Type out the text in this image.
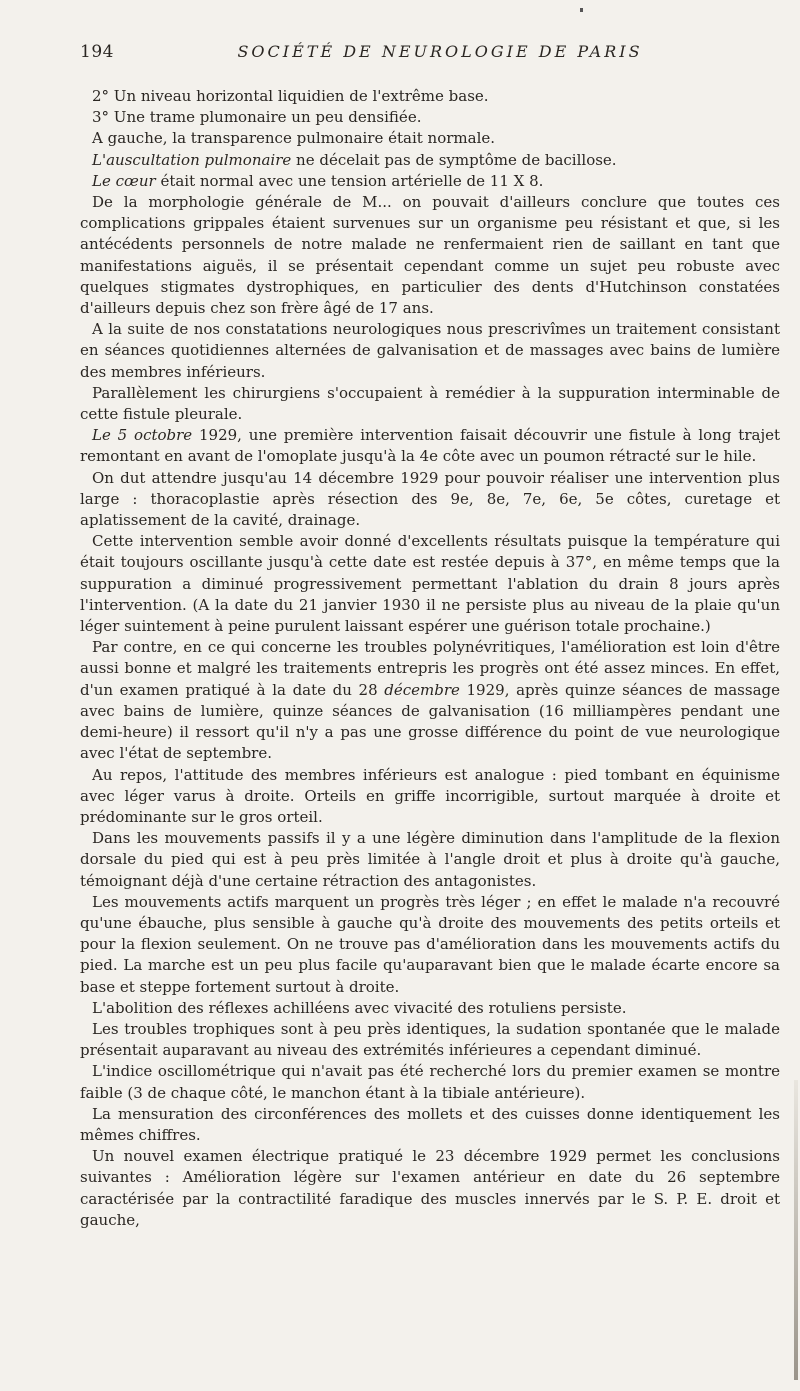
194	SOCIÉTÉ DE NEUROLOGIE DE PARIS

2° Un niveau horizontal liquidien de l'extrême base.

3° Une trame plumonaire un peu densifiée.

A gauche, la transparence pulmonaire était normale.

L'auscultation pulmonaire ne décelait pas de symptôme de bacillose.

Le cœur était normal avec une tension artérielle de 11 X 8.

De la morphologie générale de M... on pouvait d'ailleurs conclure que toutes ces complications grippales étaient survenues sur un organisme peu résistant et que, si les antécédents personnels de notre malade ne renfermaient rien de saillant en tant que manifestations aiguës, il se présentait cependant comme un sujet peu robuste avec quelques stigmates dystrophiques, en particulier des dents d'Hutchinson constatées d'ailleurs depuis chez son frère âgé de 17 ans.

A la suite de nos constatations neurologiques nous prescrivîmes un traitement consistant en séances quotidiennes alternées de galvanisation et de massages avec bains de lumière des membres inférieurs.

Parallèlement les chirurgiens s'occupaient à remédier à la suppuration interminable de cette fistule pleurale.

Le 5 octobre 1929, une première intervention faisait découvrir une fistule à long trajet remontant en avant de l'omoplate jusqu'à la 4e côte avec un poumon rétracté sur le hile.

On dut attendre jusqu'au 14 décembre 1929 pour pouvoir réaliser une intervention plus large : thoracoplastie après résection des 9e, 8e, 7e, 6e, 5e côtes, curetage et aplatissement de la cavité, drainage.

Cette intervention semble avoir donné d'excellents résultats puisque la température qui était toujours oscillante jusqu'à cette date est restée depuis à 37°, en même temps que la suppuration a diminué progressivement permettant l'ablation du drain 8 jours après l'intervention. (A la date du 21 janvier 1930 il ne persiste plus au niveau de la plaie qu'un léger suintement à peine purulent laissant espérer une guérison totale prochaine.)

Par contre, en ce qui concerne les troubles polynévritiques, l'amélioration est loin d'être aussi bonne et malgré les traitements entrepris les progrès ont été assez minces. En effet, d'un examen pratiqué à la date du 28 décembre 1929, après quinze séances de massage avec bains de lumière, quinze séances de galvanisation (16 milliampères pendant une demi-heure) il ressort qu'il n'y a pas une grosse différence du point de vue neurologique avec l'état de septembre.

Au repos, l'attitude des membres inférieurs est analogue : pied tombant en équinisme avec léger varus à droite. Orteils en griffe incorrigible, surtout marquée à droite et prédominante sur le gros orteil.

Dans les mouvements passifs il y a une légère diminution dans l'amplitude de la flexion dorsale du pied qui est à peu près limitée à l'angle droit et plus à droite qu'à gauche, témoignant déjà d'une certaine rétraction des antagonistes.

Les mouvements actifs marquent un progrès très léger ; en effet le malade n'a recouvré qu'une ébauche, plus sensible à gauche qu'à droite des mouvements des petits orteils et pour la flexion seulement. On ne trouve pas d'amélioration dans les mouvements actifs du pied. La marche est un peu plus facile qu'auparavant bien que le malade écarte encore sa base et steppe fortement surtout à droite.

L'abolition des réflexes achilléens avec vivacité des rotuliens persiste.

Les troubles trophiques sont à peu près identiques, la sudation spontanée que le malade présentait auparavant au niveau des extrémités inférieures a cependant diminué.

L'indice oscillométrique qui n'avait pas été recherché lors du premier examen se montre faible (3 de chaque côté, le manchon étant à la tibiale antérieure).

La mensuration des circonférences des mollets et des cuisses donne identiquement les mêmes chiffres.

Un nouvel examen électrique pratiqué le 23 décembre 1929 permet les conclusions suivantes : Amélioration légère sur l'examen antérieur en date du 26 septembre caractérisée par la contractilité faradique des muscles innervés par le S. P. E. droit et gauche,
